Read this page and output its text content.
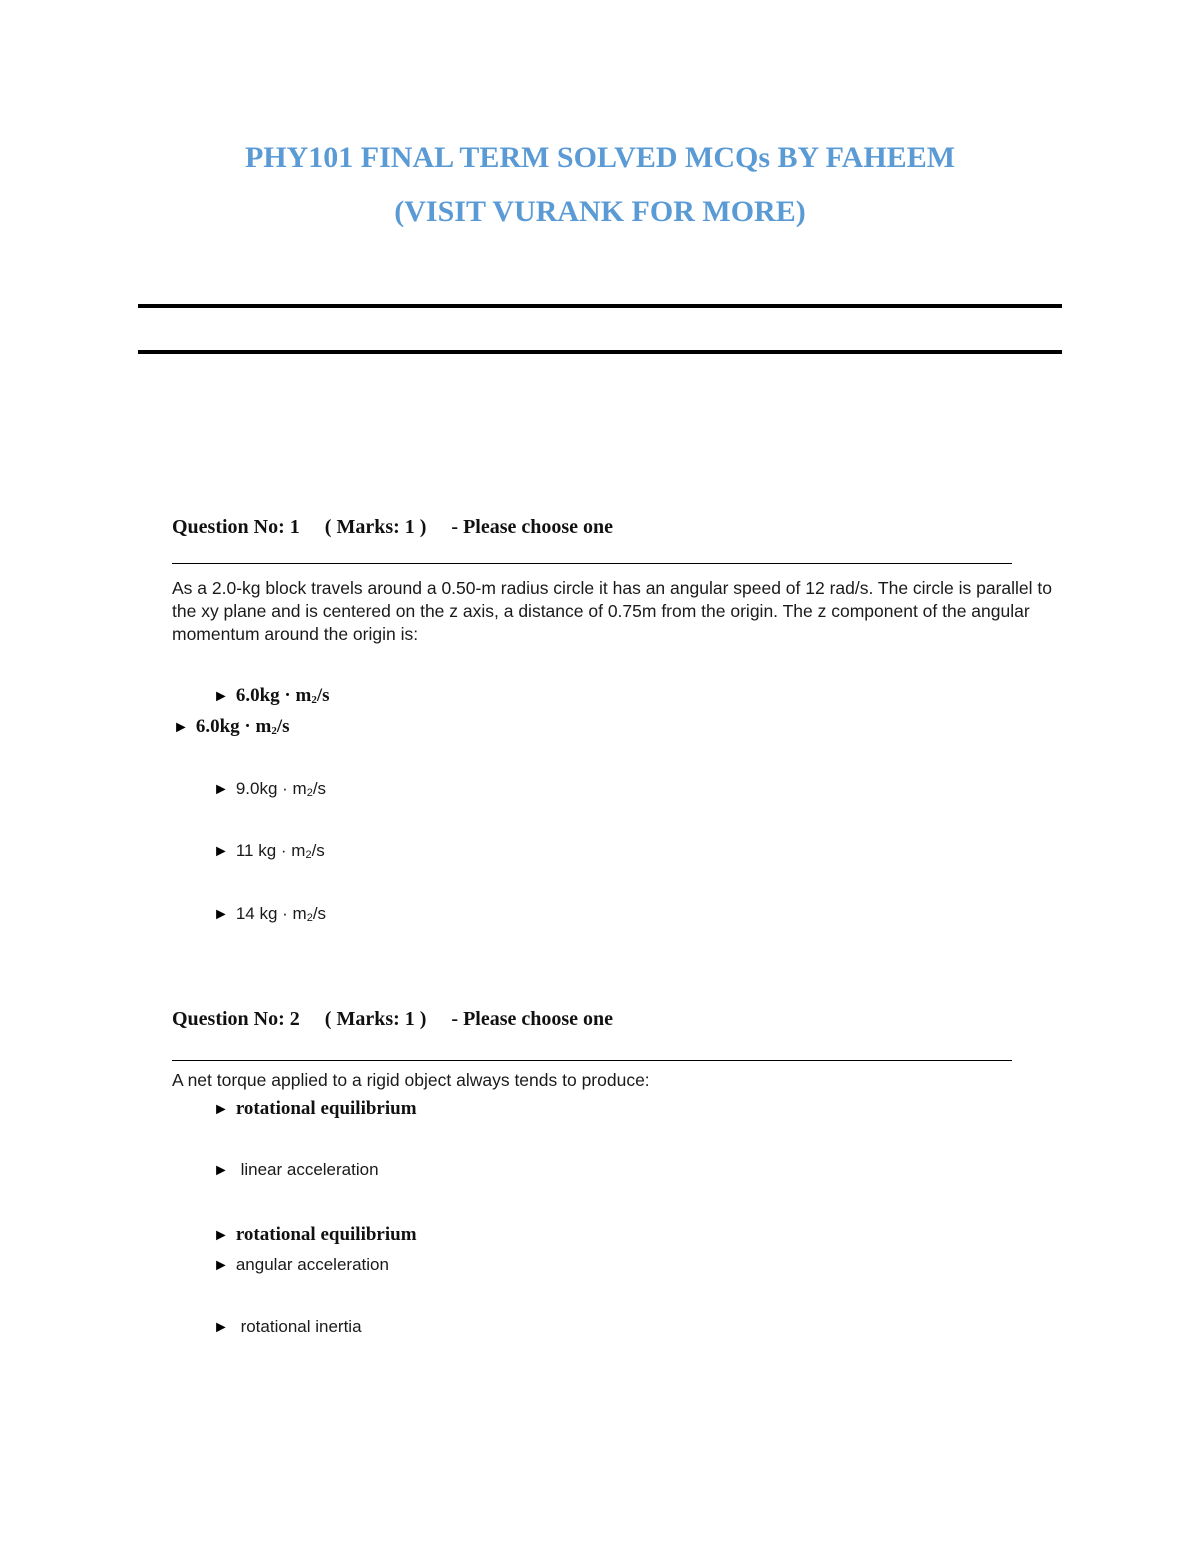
PHY101 FINAL TERM SOLVED MCQs BY FAHEEM
(VISIT VURANK FOR MORE)
Question No: 1     ( Marks: 1 )     - Please choose one
As a 2.0-kg block travels around a 0.50-m radius circle it has an angular speed of 12 rad/s. The circle is parallel to the xy plane and is centered on the z axis, a distance of 0.75m from the origin. The z component of the angular momentum around the origin is:
► $6.0kg \cdot m_2/s$
► $6.0kg \cdot m_2/s$
► $9.0kg \cdot m_2/s$
► 11 kg · $m_2/s$
► 14 kg · $m_2/s$
Question No: 2     ( Marks: 1 )     - Please choose one
A net torque applied to a rigid object always tends to produce:
► rotational equilibrium
► linear acceleration
► rotational equilibrium
► angular acceleration
► rotational inertia
